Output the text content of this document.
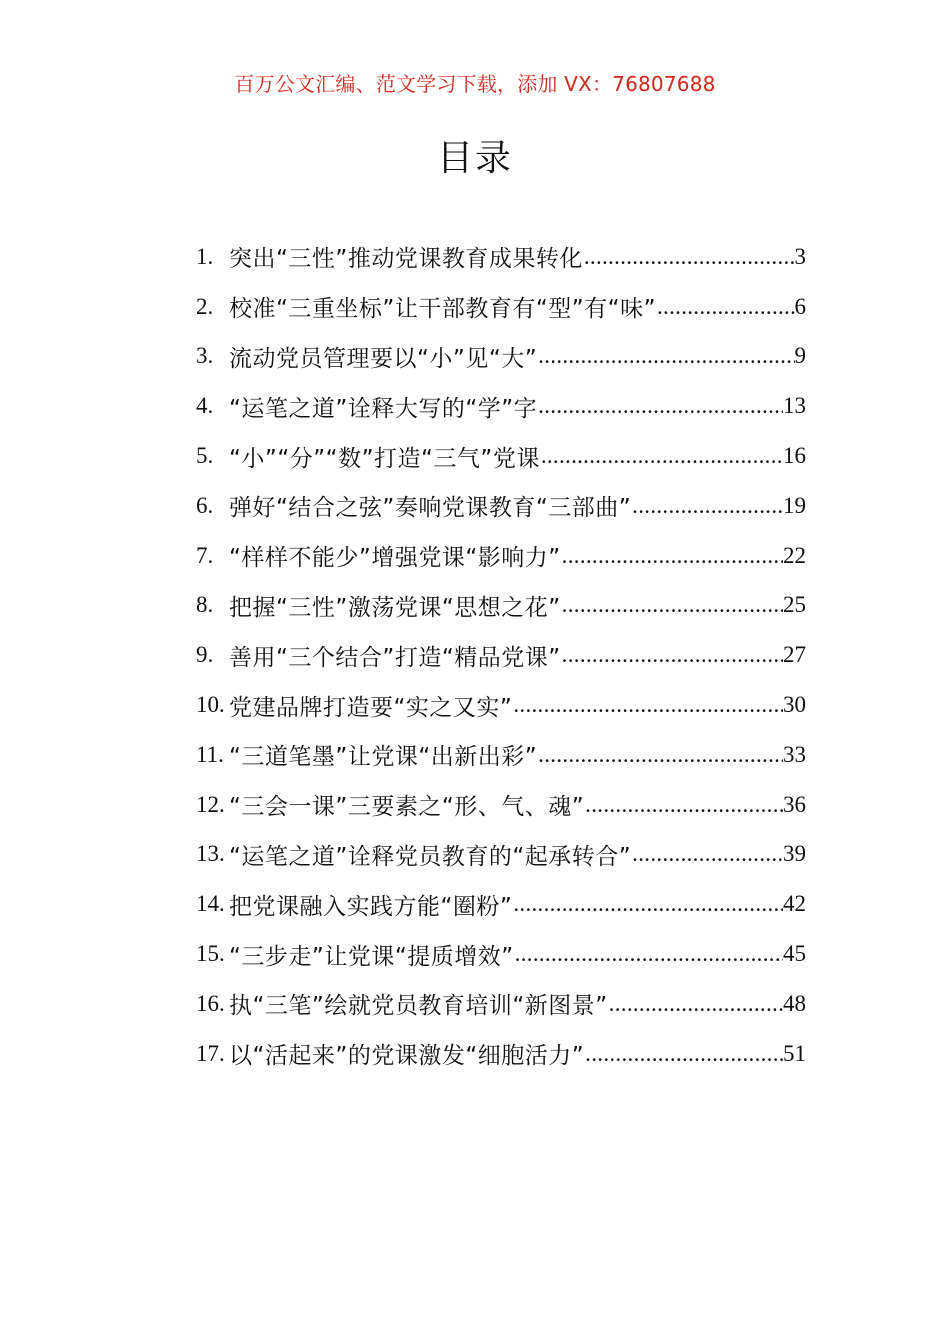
百万公文汇编、范文学习下载，添加 VX：76807688
目录
1. 突出“三性”推动党课教育成果转化 .....	3
2. 校准“三重坐标”让干部教育有“型”有“味” .....	6
3. 流动党员管理要以“小”见“大” .....	9
4. “运笔之道”诠释大写的“学”字 .....	13
5. “小”“分”“数”打造“三气”党课 .....	16
6. 弹好“结合之弦”奏响党课教育“三部曲” .....	19
7. “样样不能少”增强党课“影响力” .....	22
8. 把握“三性”激荡党课“思想之花” .....	25
9. 善用“三个结合”打造“精品党课” .....	27
10. 党建品牌打造要“实之又实” .....	30
11. “三道笔墨”让党课“出新出彩” .....	33
12. “三会一课”三要素之“形、气、魂” .....	36
13. “运笔之道”诠释党员教育的“起承转合” .....	39
14. 把党课融入实践方能“圈粉” .....	42
15. “三步走”让党课“提质增效” .....	45
16. 执“三笔”绘就党员教育培训“新图景” .....	48
17. 以“活起来”的党课激发“细胞活力” .....	51
